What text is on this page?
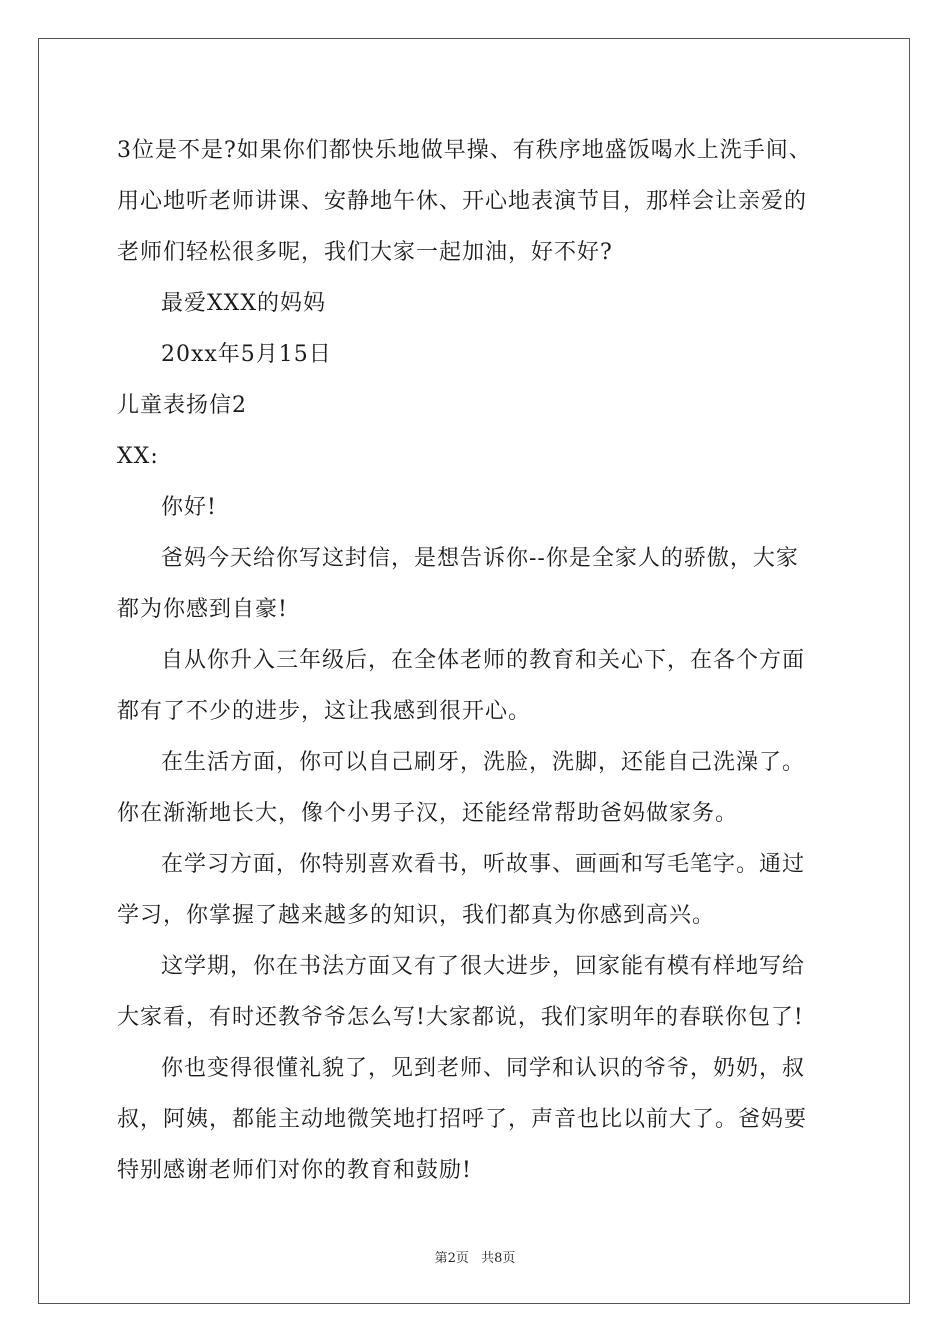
3位是不是?如果你们都快乐地做早操、有秩序地盛饭喝水上洗手间、
用心地听老师讲课、安静地午休、开心地表演节目，那样会让亲爱的
老师们轻松很多呢，我们大家一起加油，好不好?
最爱XXX的妈妈
20xx年5月15日
儿童表扬信2
XX:
你好!
爸妈今天给你写这封信，是想告诉你--你是全家人的骄傲，大家
都为你感到自豪!
自从你升入三年级后，在全体老师的教育和关心下，在各个方面
都有了不少的进步，这让我感到很开心。
在生活方面，你可以自己刷牙，洗脸，洗脚，还能自己洗澡了。
你在渐渐地长大，像个小男子汉，还能经常帮助爸妈做家务。
在学习方面，你特别喜欢看书，听故事、画画和写毛笔字。通过
学习，你掌握了越来越多的知识，我们都真为你感到高兴。
这学期，你在书法方面又有了很大进步，回家能有模有样地写给
大家看，有时还教爷爷怎么写!大家都说，我们家明年的春联你包了!
你也变得很懂礼貌了，见到老师、同学和认识的爷爷，奶奶，叔
叔，阿姨，都能主动地微笑地打招呼了，声音也比以前大了。爸妈要
特别感谢老师们对你的教育和鼓励!
第2页 共8页
